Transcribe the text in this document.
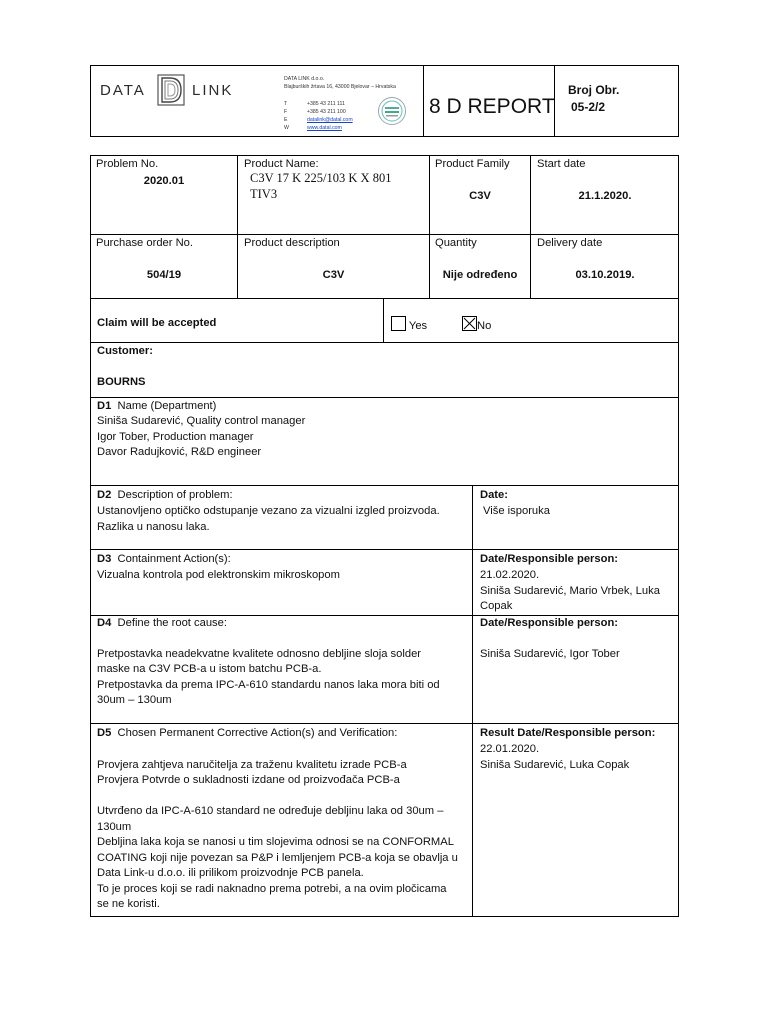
DATA	LINK
DATA LINK d.o.o.
Blajburških žrtava 16, 43000 Bjelovar – Hrvatska
T	+385 43 211 111
F	+385 43 211 100
E	datalink@datal.com
W	www.datal.com
8 D REPORT
Broj Obr.
05-2/2
Problem No.
2020.01
Product Name:
C3V 17 K 225/103 K X 801
TIV3
Product Family
C3V
Start date
21.1.2020.
Purchase order No.
504/19
Product description
C3V
Quantity
Nije određeno
Delivery date
03.10.2019.
Claim will be accepted	Yes	No
Customer:
BOURNS
D1 Name (Department)
Siniša Sudarević, Quality control manager
Igor Tober, Production manager
Davor Radujković, R&D engineer
D2 Description of problem:
Ustanovljeno optičko odstupanje vezano za vizualni izgled proizvoda.
Razlika u nanosu laka.
Date:
Više isporuka
D3 Containment Action(s):
Vizualna kontrola pod elektronskim mikroskopom
Date/Responsible person:
21.02.2020.
Siniša Sudarević, Mario Vrbek, Luka
Copak
D4 Define the root cause:
Pretpostavka neadekvatne kvalitete odnosno debljine sloja solder
maske na C3V PCB-a u istom batchu PCB-a.
Pretpostavka da prema IPC-A-610 standardu nanos laka mora biti od
30um – 130um
Date/Responsible person:
Siniša Sudarević, Igor Tober
D5 Chosen Permanent Corrective Action(s) and Verification:
Provjera zahtjeva naručitelja za traženu kvalitetu izrade PCB-a
Provjera Potvrde o sukladnosti izdane od proizvođača PCB-a
Utvrđeno da IPC-A-610 standard ne određuje debljinu laka od 30um –
130um
Debljina laka koja se nanosi u tim slojevima odnosi se na CONFORMAL
COATING koji nije povezan sa P&P i lemljenjem PCB-a koja se obavlja u
Data Link-u d.o.o. ili prilikom proizvodnje PCB panela.
To je proces koji se radi naknadno prema potrebi, a na ovim pločicama
se ne koristi.
Result Date/Responsible person:
22.01.2020.
Siniša Sudarević, Luka Copak
